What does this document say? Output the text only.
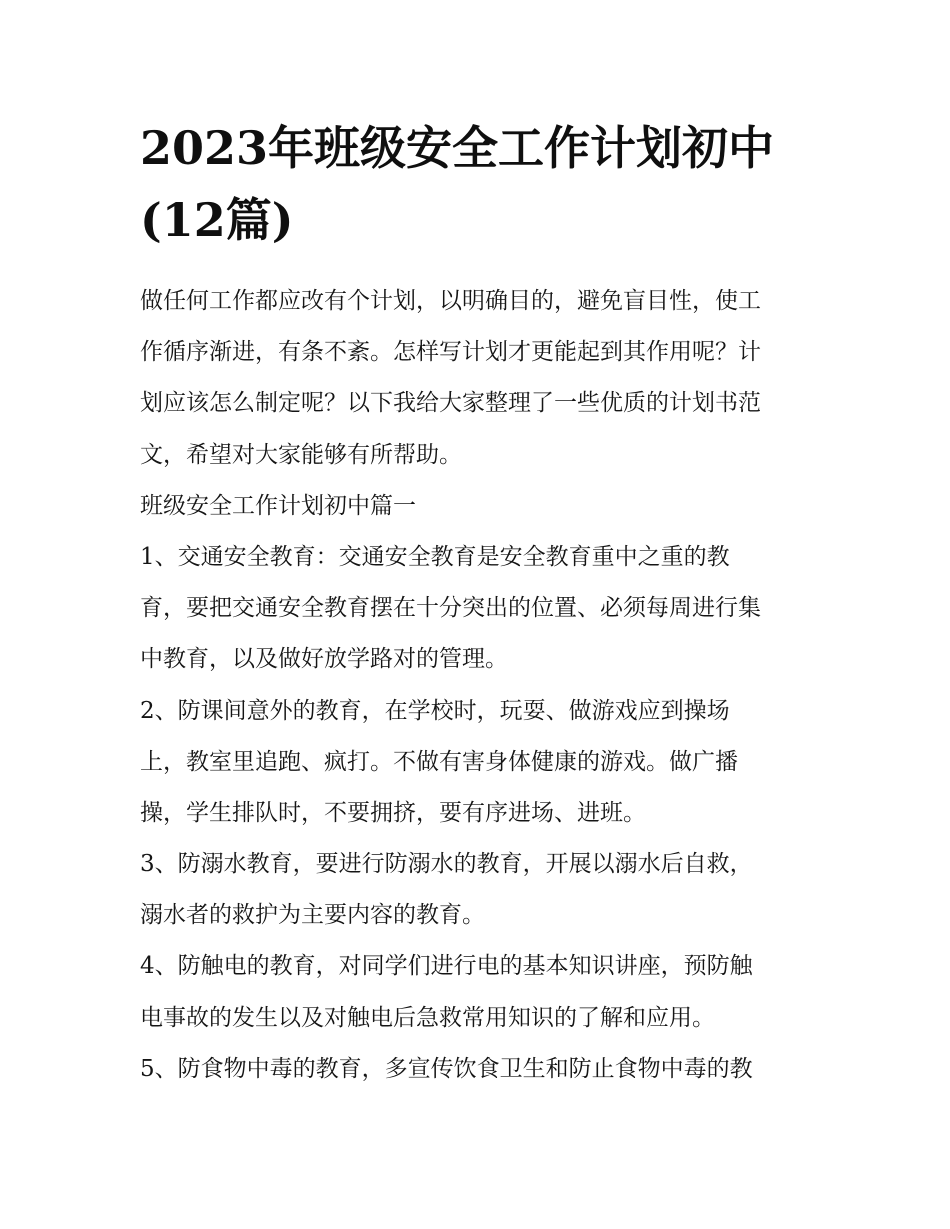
2023年班级安全工作计划初中
(12篇)
做任何工作都应改有个计划，以明确目的，避免盲目性，使工
作循序渐进，有条不紊。怎样写计划才更能起到其作用呢？计
划应该怎么制定呢？以下我给大家整理了一些优质的计划书范
文，希望对大家能够有所帮助。
班级安全工作计划初中篇一
1、交通安全教育：交通安全教育是安全教育重中之重的教
育，要把交通安全教育摆在十分突出的位置、必须每周进行集
中教育，以及做好放学路对的管理。
2、防课间意外的教育，在学校时，玩耍、做游戏应到操场
上，教室里追跑、疯打。不做有害身体健康的游戏。做广播
操，学生排队时，不要拥挤，要有序进场、进班。
3、防溺水教育，要进行防溺水的教育，开展以溺水后自救，
溺水者的救护为主要内容的教育。
4、防触电的教育，对同学们进行电的基本知识讲座，预防触
电事故的发生以及对触电后急救常用知识的了解和应用。
5、防食物中毒的教育，多宣传饮食卫生和防止食物中毒的教
